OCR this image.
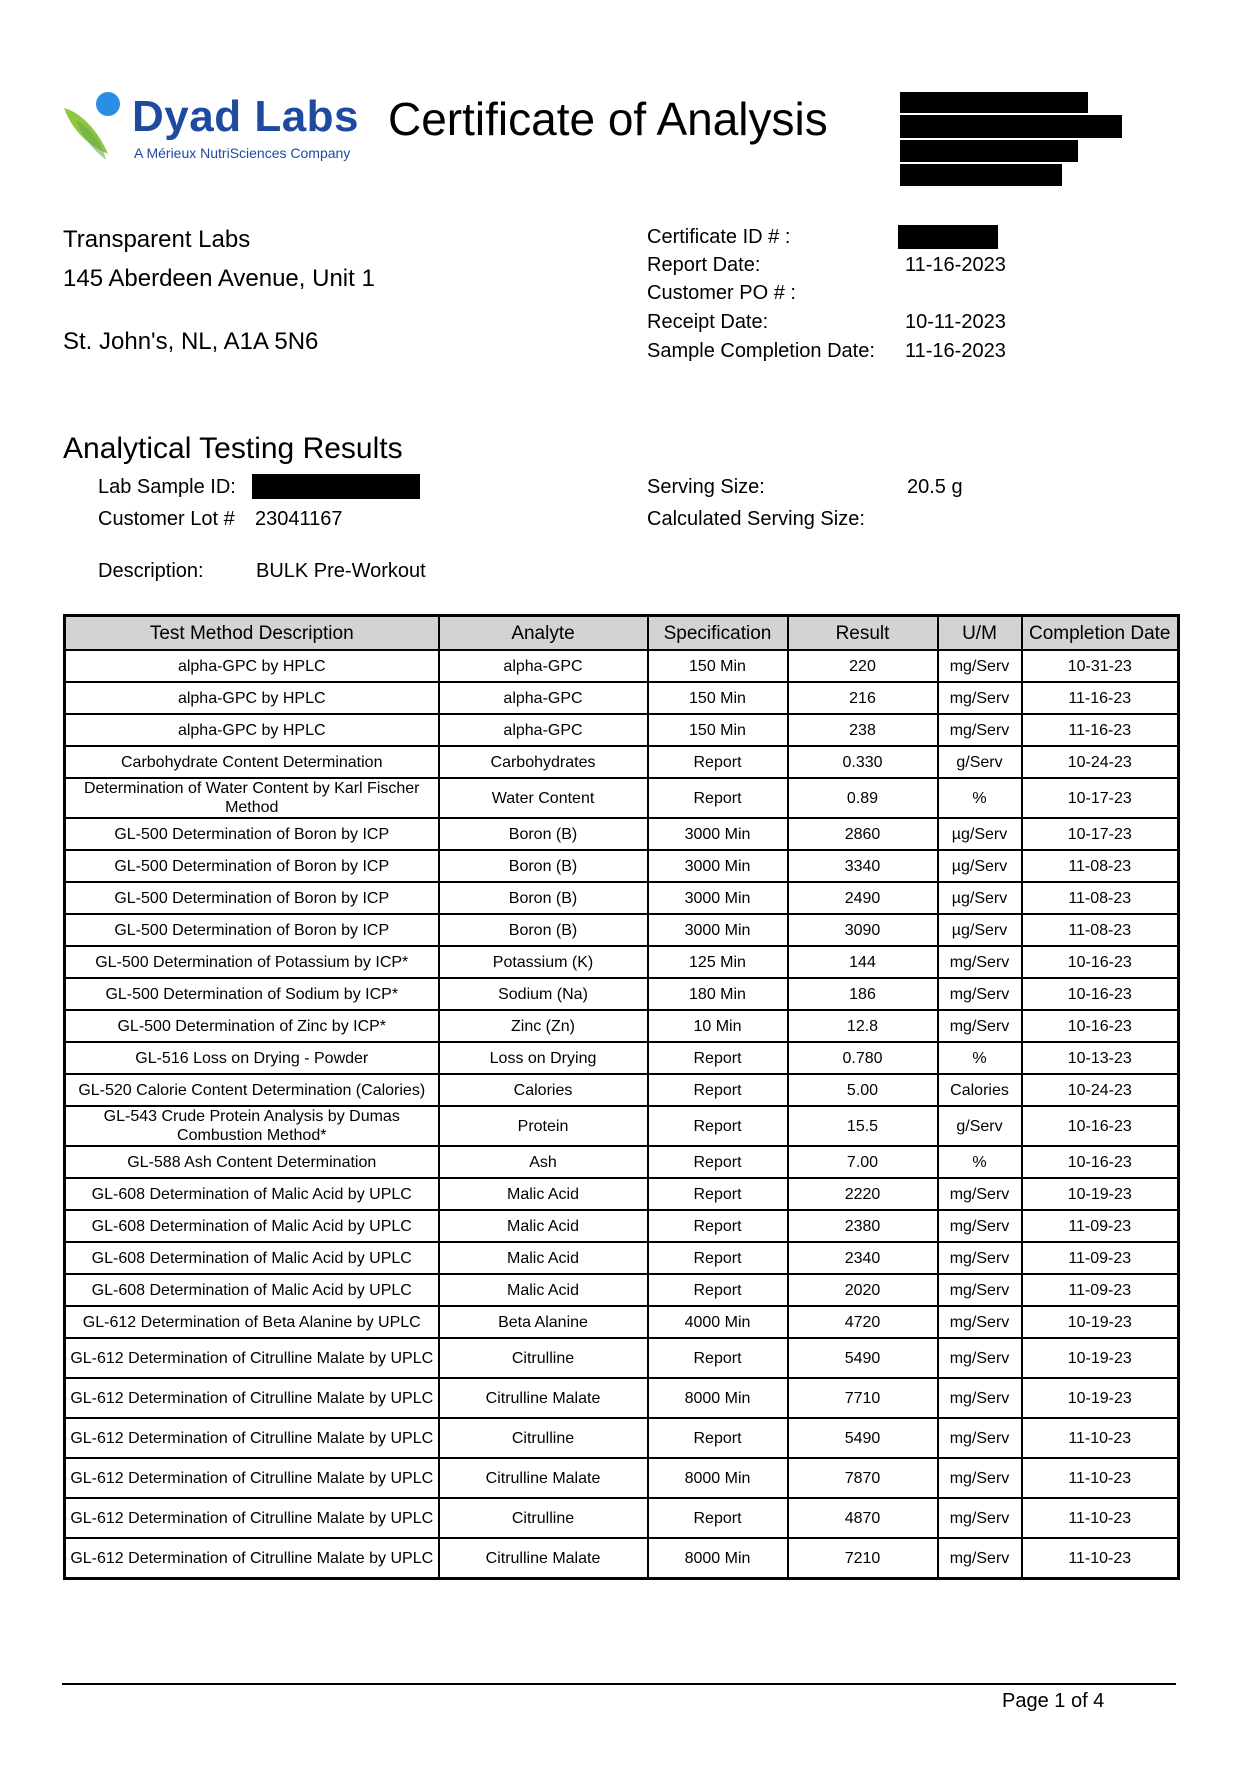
Dyad Labs
A Mérieux NutriSciences Company
Certificate of Analysis
Transparent Labs
145 Aberdeen Avenue, Unit 1
St. John's, NL, A1A 5N6
Certificate ID # :
Report Date:	11-16-2023
Customer PO # :
Receipt Date:	10-11-2023
Sample Completion Date: 11-16-2023
Analytical Testing Results
Lab Sample ID:
Customer Lot # 23041167
Serving Size:	20.5 g
Calculated Serving Size:
Description:	BULK Pre-Workout
Test Method Description	Analyte	Specification	Result	U/M	Completion Date
alpha-GPC by HPLC	alpha-GPC	150 Min	220	mg/Serv	10-31-23
alpha-GPC by HPLC	alpha-GPC	150 Min	216	mg/Serv	11-16-23
alpha-GPC by HPLC	alpha-GPC	150 Min	238	mg/Serv	11-16-23
Carbohydrate Content Determination	Carbohydrates	Report	0.330	g/Serv	10-24-23
Determination of Water Content by Karl Fischer Method	Water Content	Report	0.89	%	10-17-23
GL-500 Determination of Boron by ICP	Boron (B)	3000 Min	2860	µg/Serv	10-17-23
GL-500 Determination of Boron by ICP	Boron (B)	3000 Min	3340	µg/Serv	11-08-23
GL-500 Determination of Boron by ICP	Boron (B)	3000 Min	2490	µg/Serv	11-08-23
GL-500 Determination of Boron by ICP	Boron (B)	3000 Min	3090	µg/Serv	11-08-23
GL-500 Determination of Potassium by ICP*	Potassium (K)	125 Min	144	mg/Serv	10-16-23
GL-500 Determination of Sodium by ICP*	Sodium (Na)	180 Min	186	mg/Serv	10-16-23
GL-500 Determination of Zinc by ICP*	Zinc (Zn)	10 Min	12.8	mg/Serv	10-16-23
GL-516 Loss on Drying - Powder	Loss on Drying	Report	0.780	%	10-13-23
GL-520 Calorie Content Determination (Calories)	Calories	Report	5.00	Calories	10-24-23
GL-543 Crude Protein Analysis by Dumas Combustion Method*	Protein	Report	15.5	g/Serv	10-16-23
GL-588 Ash Content Determination	Ash	Report	7.00	%	10-16-23
GL-608 Determination of Malic Acid by UPLC	Malic Acid	Report	2220	mg/Serv	10-19-23
GL-608 Determination of Malic Acid by UPLC	Malic Acid	Report	2380	mg/Serv	11-09-23
GL-608 Determination of Malic Acid by UPLC	Malic Acid	Report	2340	mg/Serv	11-09-23
GL-608 Determination of Malic Acid by UPLC	Malic Acid	Report	2020	mg/Serv	11-09-23
GL-612 Determination of Beta Alanine by UPLC	Beta Alanine	4000 Min	4720	mg/Serv	10-19-23
GL-612 Determination of Citrulline Malate by UPLC	Citrulline	Report	5490	mg/Serv	10-19-23
GL-612 Determination of Citrulline Malate by UPLC	Citrulline Malate	8000 Min	7710	mg/Serv	10-19-23
GL-612 Determination of Citrulline Malate by UPLC	Citrulline	Report	5490	mg/Serv	11-10-23
GL-612 Determination of Citrulline Malate by UPLC	Citrulline Malate	8000 Min	7870	mg/Serv	11-10-23
GL-612 Determination of Citrulline Malate by UPLC	Citrulline	Report	4870	mg/Serv	11-10-23
GL-612 Determination of Citrulline Malate by UPLC	Citrulline Malate	8000 Min	7210	mg/Serv	11-10-23
Page 1 of 4
